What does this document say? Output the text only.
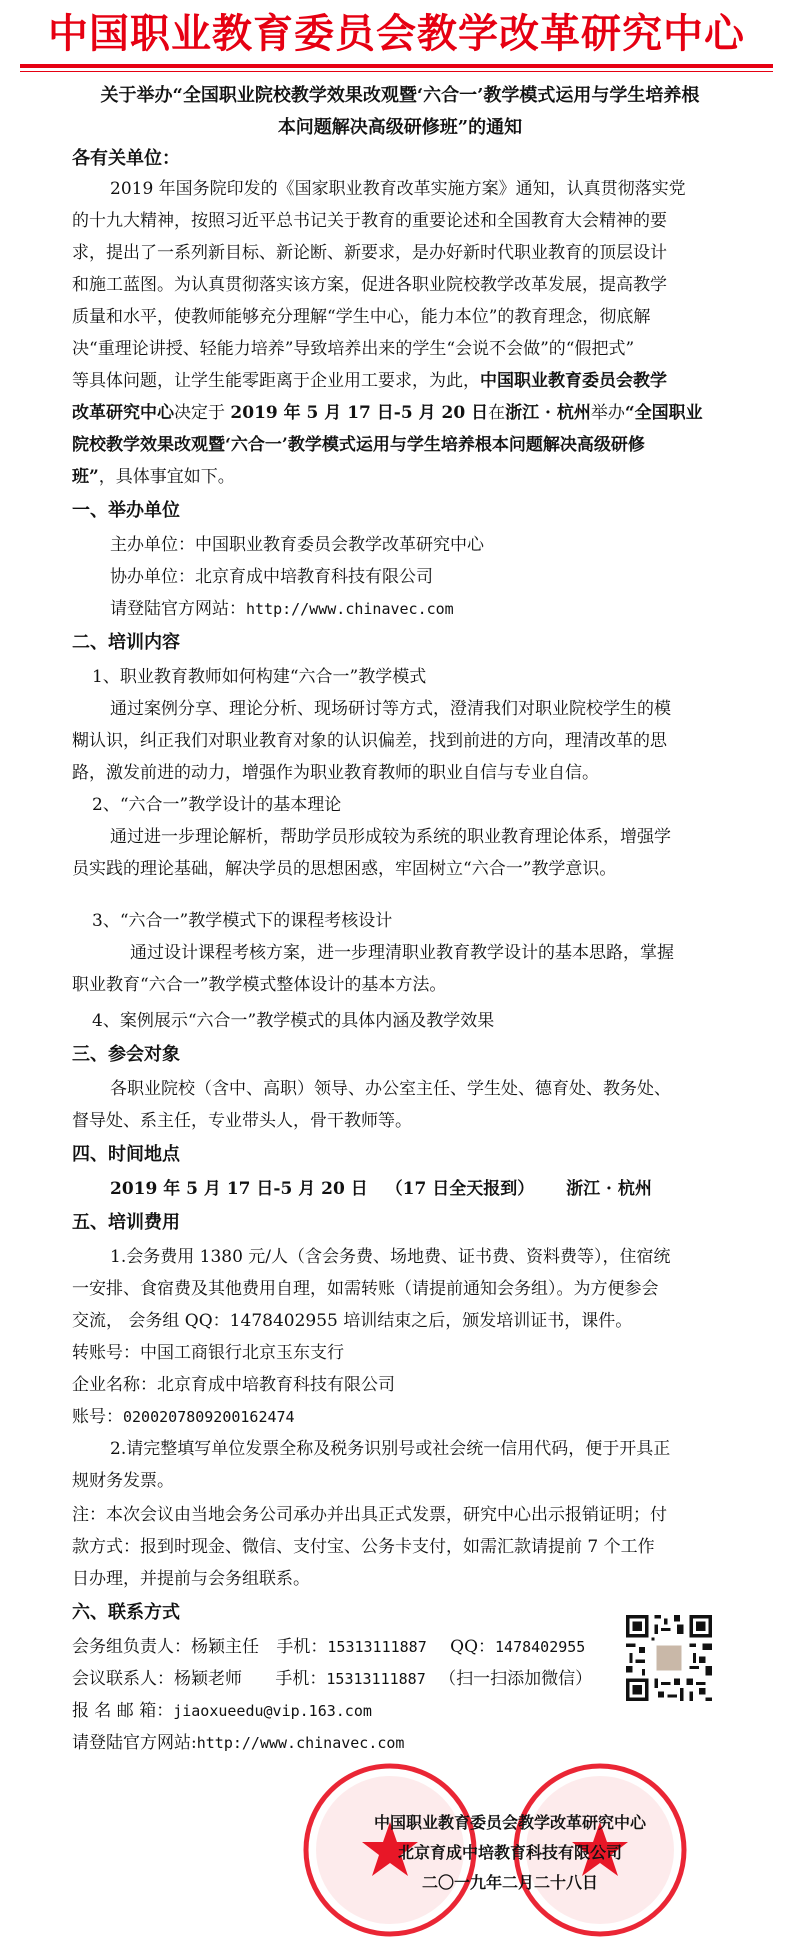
中国职业教育委员会教学改革研究中心
关于举办“全国职业院校教学效果改观暨‘六合一’教学模式运用与学生培养根
本问题解决高级研修班”的通知
各有关单位：
2019 年国务院印发的《国家职业教育改革实施方案》通知，认真贯彻落实党
的十九大精神，按照习近平总书记关于教育的重要论述和全国教育大会精神的要
求，提出了一系列新目标、新论断、新要求，是办好新时代职业教育的顶层设计
和施工蓝图。为认真贯彻落实该方案，促进各职业院校教学改革发展，提高教学
质量和水平，使教师能够充分理解“学生中心，能力本位”的教育理念，彻底解
决“重理论讲授、轻能力培养”导致培养出来的学生“会说不会做”的“假把式”
等具体问题，让学生能零距离于企业用工要求，为此，中国职业教育委员会教学
改革研究中心决定于 2019 年 5 月 17 日-5 月 20 日在浙江 · 杭州举办“全国职业
院校教学效果改观暨‘六合一’教学模式运用与学生培养根本问题解决高级研修
班”，具体事宜如下。
一、举办单位
主办单位：中国职业教育委员会教学改革研究中心
协办单位：北京育成中培教育科技有限公司
请登陆官方网站：http://www.chinavec.com
二、培训内容
1、职业教育教师如何构建“六合一”教学模式
通过案例分享、理论分析、现场研讨等方式，澄清我们对职业院校学生的模
糊认识，纠正我们对职业教育对象的认识偏差，找到前进的方向，理清改革的思
路，激发前进的动力，增强作为职业教育教师的职业自信与专业自信。
2、“六合一”教学设计的基本理论
通过进一步理论解析，帮助学员形成较为系统的职业教育理论体系，增强学
员实践的理论基础，解决学员的思想困惑，牢固树立“六合一”教学意识。
3、“六合一”教学模式下的课程考核设计
通过设计课程考核方案，进一步理清职业教育教学设计的基本思路，掌握
职业教育“六合一”教学模式整体设计的基本方法。
4、案例展示“六合一”教学模式的具体内涵及教学效果
三、参会对象
各职业院校（含中、高职）领导、办公室主任、学生处、德育处、教务处、
督导处、系主任，专业带头人，骨干教师等。
四、时间地点
2019 年 5 月 17 日-5 月 20 日 （17 日全天报到） 浙江 · 杭州
五、培训费用
1.会务费用 1380 元/人（含会务费、场地费、证书费、资料费等），住宿统
一安排、食宿费及其他费用自理，如需转账（请提前通知会务组）。为方便参会
交流， 会务组 QQ：1478402955 培训结束之后，颁发培训证书，课件。
转账号：中国工商银行北京玉东支行
企业名称：北京育成中培教育科技有限公司
账号：0200207809200162474
2.请完整填写单位发票全称及税务识别号或社会统一信用代码，便于开具正
规财务发票。
注：本次会议由当地会务公司承办并出具正式发票，研究中心出示报销证明；付
款方式：报到时现金、微信、支付宝、公务卡支付，如需汇款请提前 7 个工作
日办理，并提前与会务组联系。
六、联系方式
会务组负责人：杨颖主任 手机：15313111887 QQ：1478402955
会议联系人：杨颖老师 手机：15313111887 （扫一扫添加微信）
报 名 邮 箱：jiaoxueedu@vip.163.com
请登陆官方网站:http://www.chinavec.com
中国职业教育委员会教学改革研究中心
北京育成中培教育科技有限公司
二〇一九年二月二十八日
